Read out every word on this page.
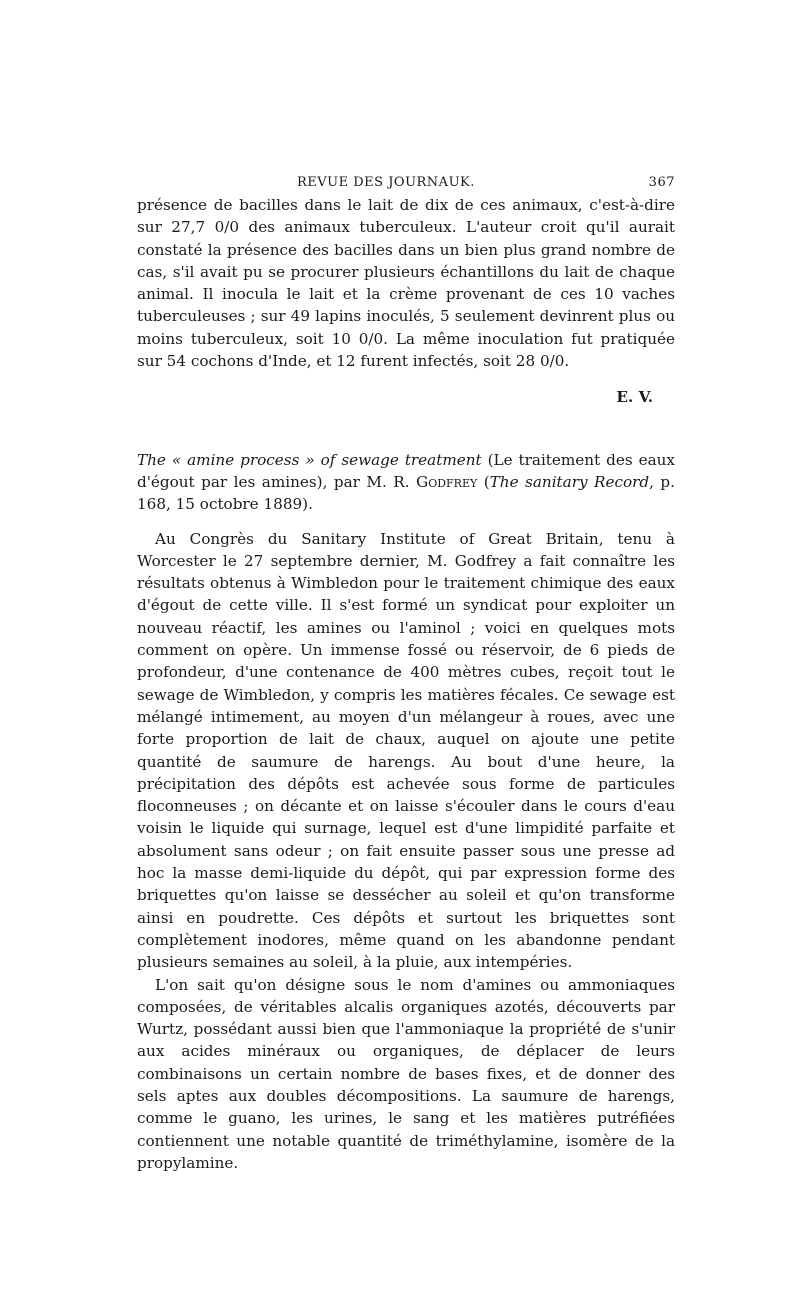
REVUE DES JOURNAUK.	367

présence de bacilles dans le lait de dix de ces animaux, c'est-à-dire sur 27,7 0/0 des animaux tuberculeux. L'auteur croit qu'il aurait constaté la présence des bacilles dans un bien plus grand nombre de cas, s'il avait pu se procurer plusieurs échantillons du lait de chaque animal. Il inocula le lait et la crème provenant de ces 10 vaches tuberculeuses ; sur 49 lapins inoculés, 5 seulement devinrent plus ou moins tuberculeux, soit 10 0/0. La même inoculation fut pratiquée sur 54 cochons d'Inde, et 12 furent infectés, soit 28 0/0.

E. V.

The « amine process » of sewage treatment (Le traitement des eaux d'égout par les amines), par M. R. Godfrey (The sanitary Record, p. 168, 15 octobre 1889).

Au Congrès du Sanitary Institute of Great Britain, tenu à Worcester le 27 septembre dernier, M. Godfrey a fait connaître les résultats obtenus à Wimbledon pour le traitement chimique des eaux d'égout de cette ville. Il s'est formé un syndicat pour exploiter un nouveau réactif, les amines ou l'aminol ; voici en quelques mots comment on opère. Un immense fossé ou réservoir, de 6 pieds de profondeur, d'une contenance de 400 mètres cubes, reçoit tout le sewage de Wimbledon, y compris les matières fécales. Ce sewage est mélangé intimement, au moyen d'un mélangeur à roues, avec une forte proportion de lait de chaux, auquel on ajoute une petite quantité de saumure de harengs. Au bout d'une heure, la précipitation des dépôts est achevée sous forme de particules floconneuses ; on décante et on laisse s'écouler dans le cours d'eau voisin le liquide qui surnage, lequel est d'une limpidité parfaite et absolument sans odeur ; on fait ensuite passer sous une presse ad hoc la masse demi-liquide du dépôt, qui par expression forme des briquettes qu'on laisse se dessécher au soleil et qu'on transforme ainsi en poudrette. Ces dépôts et surtout les briquettes sont complètement inodores, même quand on les abandonne pendant plusieurs semaines au soleil, à la pluie, aux intempéries.

L'on sait qu'on désigne sous le nom d'amines ou ammoniaques composées, de véritables alcalis organiques azotés, découverts par Wurtz, possédant aussi bien que l'ammoniaque la propriété de s'unir aux acides minéraux ou organiques, de déplacer de leurs combinaisons un certain nombre de bases fixes, et de donner des sels aptes aux doubles décompositions. La saumure de harengs, comme le guano, les urines, le sang et les matières putréfiées contiennent une notable quantité de triméthylamine, isomère de la propylamine.
